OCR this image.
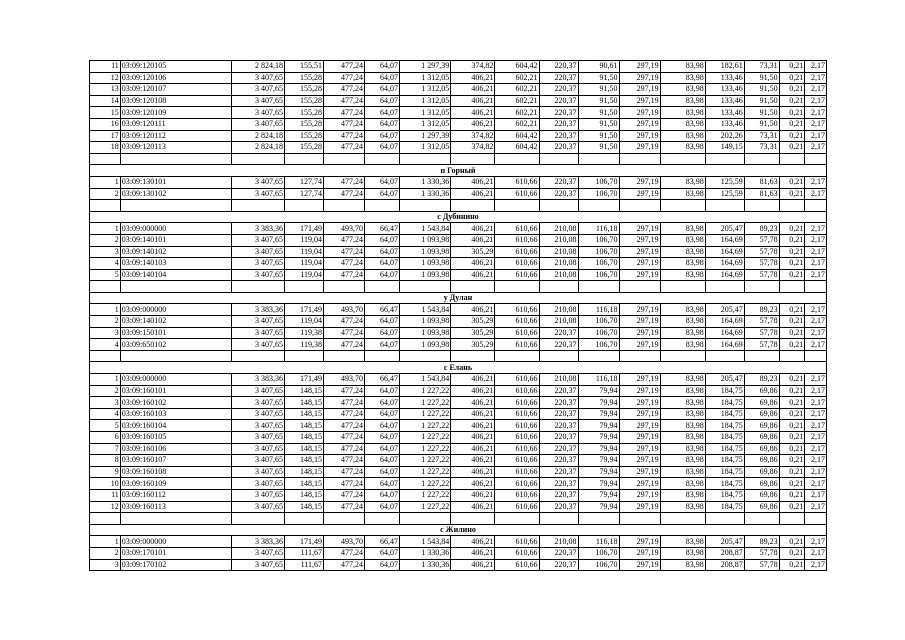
11	03:09:120105	2 824,18	155,51	477,24	64,07	1 297,39	374,82	604,42	220,37	90,61	297,19	83,98	182,61	73,31	0,21	2,17
12	03:09:120106	3 407,65	155,28	477,24	64,07	1 312,05	406,21	602,21	220,37	91,50	297,19	83,98	133,46	91,50	0,21	2,17
13	03:09:120107	3 407,65	155,28	477,24	64,07	1 312,05	406,21	602,21	220,37	91,50	297,19	83,98	133,46	91,50	0,21	2,17
14	03:09:120108	3 407,65	155,28	477,24	64,07	1 312,05	406,21	602,21	220,37	91,50	297,19	83,98	133,46	91,50	0,21	2,17
15	03:09:120109	3 407,65	155,28	477,24	64,07	1 312,05	406,21	602,21	220,37	91,50	297,19	83,98	133,46	91,50	0,21	2,17
16	03:09:120111	3 407,65	155,28	477,24	64,07	1 312,05	406,21	602,21	220,37	91,50	297,19	83,98	133,46	91,50	0,21	2,17
17	03:09:120112	2 824,18	155,28	477,24	64,07	1 297,39	374,82	604,42	220,37	91,50	297,19	83,98	202,26	73,31	0,21	2,17
18	03:09:120113	2 824,18	155,28	477,24	64,07	1 312,05	374,82	604,42	220,37	91,50	297,19	83,98	149,15	73,31	0,21	2,17

п Горный																
1	03:09:130101	3 407,65	127,74	477,24	64,07	1 330,36	406,21	610,66	220,37	106,70	297,19	83,98	125,59	81,63	0,21	2,17
2	03:09:130102	3 407,65	127,74	477,24	64,07	1 330,36	406,21	610,66	220,37	106,70	297,19	83,98	125,59	81,63	0,21	2,17

с Дубинино																
1	03:09:000000	3 383,36	171,49	493,70	66,47	1 543,84	406,21	610,66	210,08	116,18	297,19	83,98	205,47	89,23	0,21	2,17
2	03:09:140101	3 407,65	119,04	477,24	64,07	1 093,98	406,21	610,66	210,08	106,70	297,19	83,98	164,69	57,78	0,21	2,17
3	03:09:140102	3 407,65	119,04	477,24	64,07	1 093,98	305,29	610,66	210,08	106,70	297,19	83,98	164,69	57,78	0,21	2,17
4	03:09:140103	3 407,65	119,04	477,24	64,07	1 093,98	406,21	610,66	210,08	106,70	297,19	83,98	164,69	57,78	0,21	2,17
5	03:09:140104	3 407,65	119,04	477,24	64,07	1 093,98	406,21	610,66	210,08	106,70	297,19	83,98	164,69	57,78	0,21	2,17

у Дулан																
1	03:09:000000	3 383,36	171,49	493,70	66,47	1 543,84	406,21	610,66	210,08	116,18	297,19	83,98	205,47	89,23	0,21	2,17
2	03:09:140102	3 407,65	119,04	477,24	64,07	1 093,98	305,29	610,66	210,08	106,70	297,19	83,98	164,69	57,78	0,21	2,17
3	03:09:150101	3 407,65	119,38	477,24	64,07	1 093,98	305,29	610,66	220,37	106,70	297,19	83,98	164,69	57,78	0,21	2,17
4	03:09:650102	3 407,65	119,38	477,24	64,07	1 093,98	305,29	610,66	220,37	106,70	297,19	83,98	164,69	57,78	0,21	2,17

с Елань																
1	03:09:000000	3 383,36	171,49	493,70	66,47	1 543,84	406,21	610,66	210,08	116,18	297,19	83,98	205,47	89,23	0,21	2,17
2	03:09:160101	3 407,65	148,15	477,24	64,07	1 227,22	406,21	610,66	220,37	79,94	297,19	83,98	184,75	69,86	0,21	2,17
3	03:09:160102	3 407,65	148,15	477,24	64,07	1 227,22	406,21	610,66	220,37	79,94	297,19	83,98	184,75	69,86	0,21	2,17
4	03:09:160103	3 407,65	148,15	477,24	64,07	1 227,22	406,21	610,66	220,37	79,94	297,19	83,98	184,75	69,86	0,21	2,17
5	03:09:160104	3 407,65	148,15	477,24	64,07	1 227,22	406,21	610,66	220,37	79,94	297,19	83,98	184,75	69,86	0,21	2,17
6	03:09:160105	3 407,65	148,15	477,24	64,07	1 227,22	406,21	610,66	220,37	79,94	297,19	83,98	184,75	69,86	0,21	2,17
7	03:09:160106	3 407,65	148,15	477,24	64,07	1 227,22	406,21	610,66	220,37	79,94	297,19	83,98	184,75	69,86	0,21	2,17
8	03:09:160107	3 407,65	148,15	477,24	64,07	1 227,22	406,21	610,66	220,37	79,94	297,19	83,98	184,75	69,86	0,21	2,17
9	03:09:160108	3 407,65	148,15	477,24	64,07	1 227,22	406,21	610,66	220,37	79,94	297,19	83,98	184,75	69,86	0,21	2,17
10	03:09:160109	3 407,65	148,15	477,24	64,07	1 227,22	406,21	610,66	220,37	79,94	297,19	83,98	184,75	69,86	0,21	2,17
11	03:09:160112	3 407,65	148,15	477,24	64,07	1 227,22	406,21	610,66	220,37	79,94	297,19	83,98	184,75	69,86	0,21	2,17
12	03:09:160113	3 407,65	148,15	477,24	64,07	1 227,22	406,21	610,66	220,37	79,94	297,19	83,98	184,75	69,86	0,21	2,17

с Жилино																
1	03:09:000000	3 383,36	171,49	493,70	66,47	1 543,84	406,21	610,66	210,08	116,18	297,19	83,98	205,47	89,23	0,21	2,17
2	03:09:170101	3 407,65	111,67	477,24	64,07	1 330,36	406,21	610,66	220,37	106,70	297,19	83,98	208,87	57,78	0,21	2,17
3	03:09:170102	3 407,65	111,67	477,24	64,07	1 330,36	406,21	610,66	220,37	106,70	297,19	83,98	208,87	57,78	0,21	2,17
